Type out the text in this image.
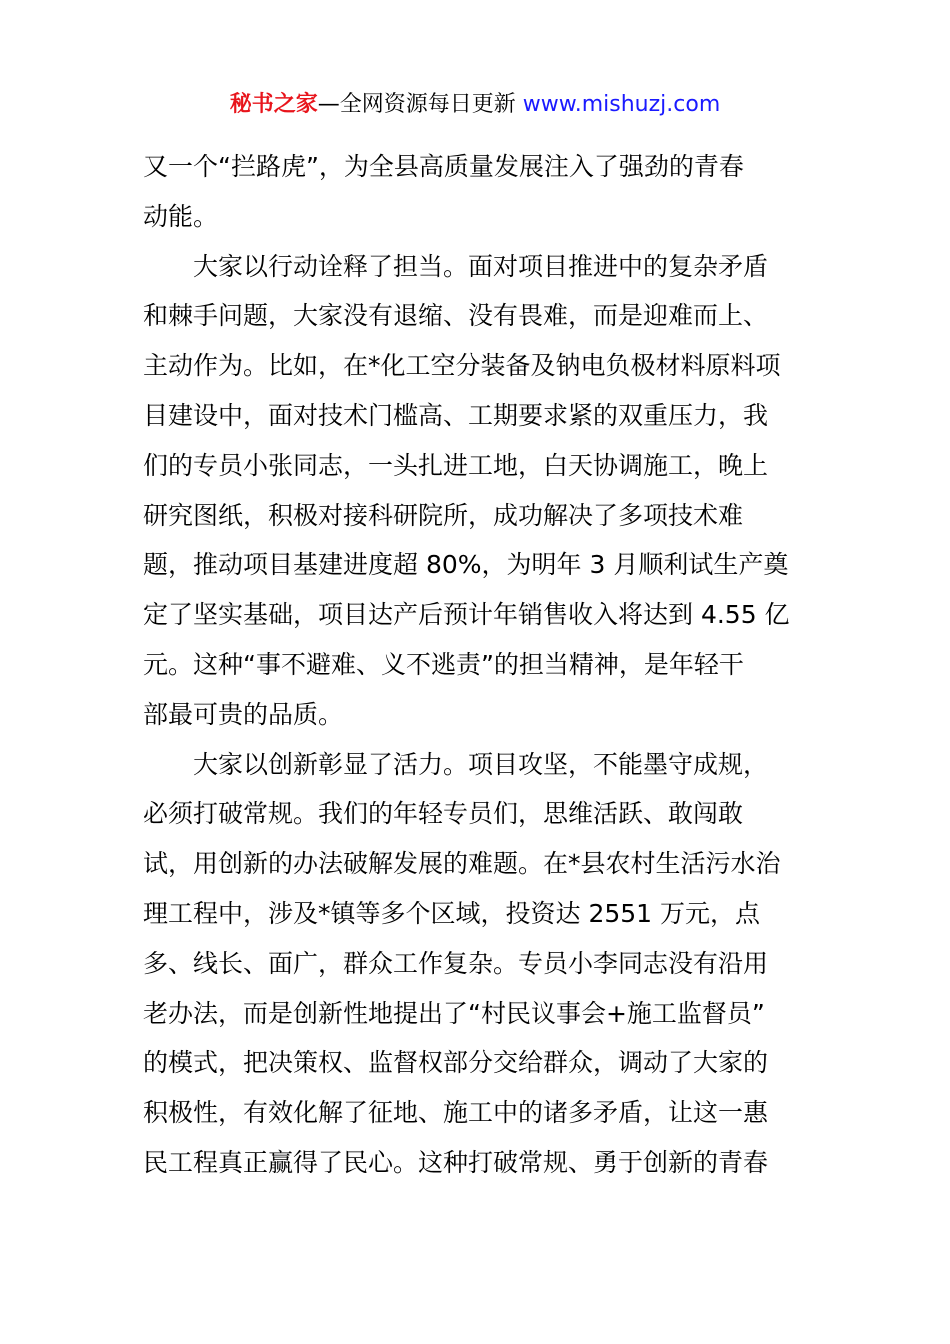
秘书之家—全网资源每日更新 www.mishuzj.com
又一个“拦路虎”，为全县高质量发展注入了强劲的青春
动能。
大家以行动诠释了担当。面对项目推进中的复杂矛盾
和棘手问题，大家没有退缩、没有畏难，而是迎难而上、
主动作为。比如，在*化工空分装备及钠电负极材料原料项
目建设中，面对技术门槛高、工期要求紧的双重压力，我
们的专员小张同志，一头扎进工地，白天协调施工，晚上
研究图纸，积极对接科研院所，成功解决了多项技术难
题，推动项目基建进度超 80%，为明年 3 月顺利试生产奠
定了坚实基础，项目达产后预计年销售收入将达到 4.55 亿
元。这种“事不避难、义不逃责”的担当精神，是年轻干
部最可贵的品质。
大家以创新彰显了活力。项目攻坚，不能墨守成规，
必须打破常规。我们的年轻专员们，思维活跃、敢闯敢
试，用创新的办法破解发展的难题。在*县农村生活污水治
理工程中，涉及*镇等多个区域，投资达 2551 万元，点
多、线长、面广，群众工作复杂。专员小李同志没有沿用
老办法，而是创新性地提出了“村民议事会+施工监督员”
的模式，把决策权、监督权部分交给群众，调动了大家的
积极性，有效化解了征地、施工中的诸多矛盾，让这一惠
民工程真正赢得了民心。这种打破常规、勇于创新的青春
